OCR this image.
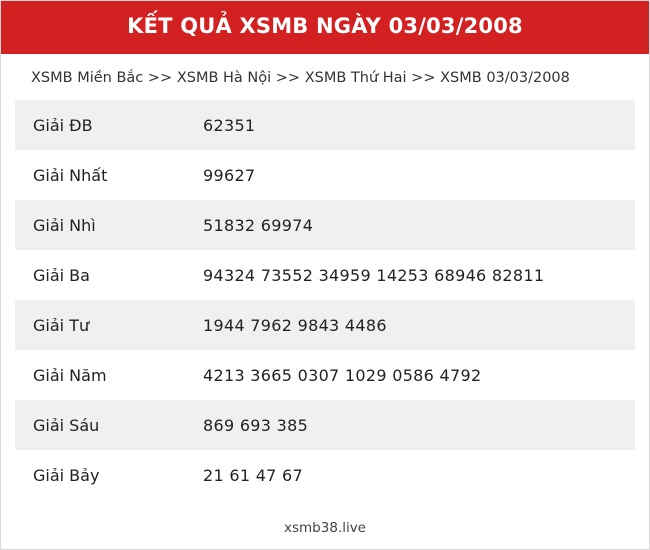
KẾT QUẢ XSMB NGÀY 03/03/2008
XSMB Miền Bắc >> XSMB Hà Nội >> XSMB Thứ Hai >> XSMB 03/03/2008
Giải ĐB	62351
Giải Nhất	99627
Giải Nhì	51832 69974
Giải Ba	94324 73552 34959 14253 68946 82811
Giải Tư	1944 7962 9843 4486
Giải Năm	4213 3665 0307 1029 0586 4792
Giải Sáu	869 693 385
Giải Bảy	21 61 47 67
xsmb38.live
